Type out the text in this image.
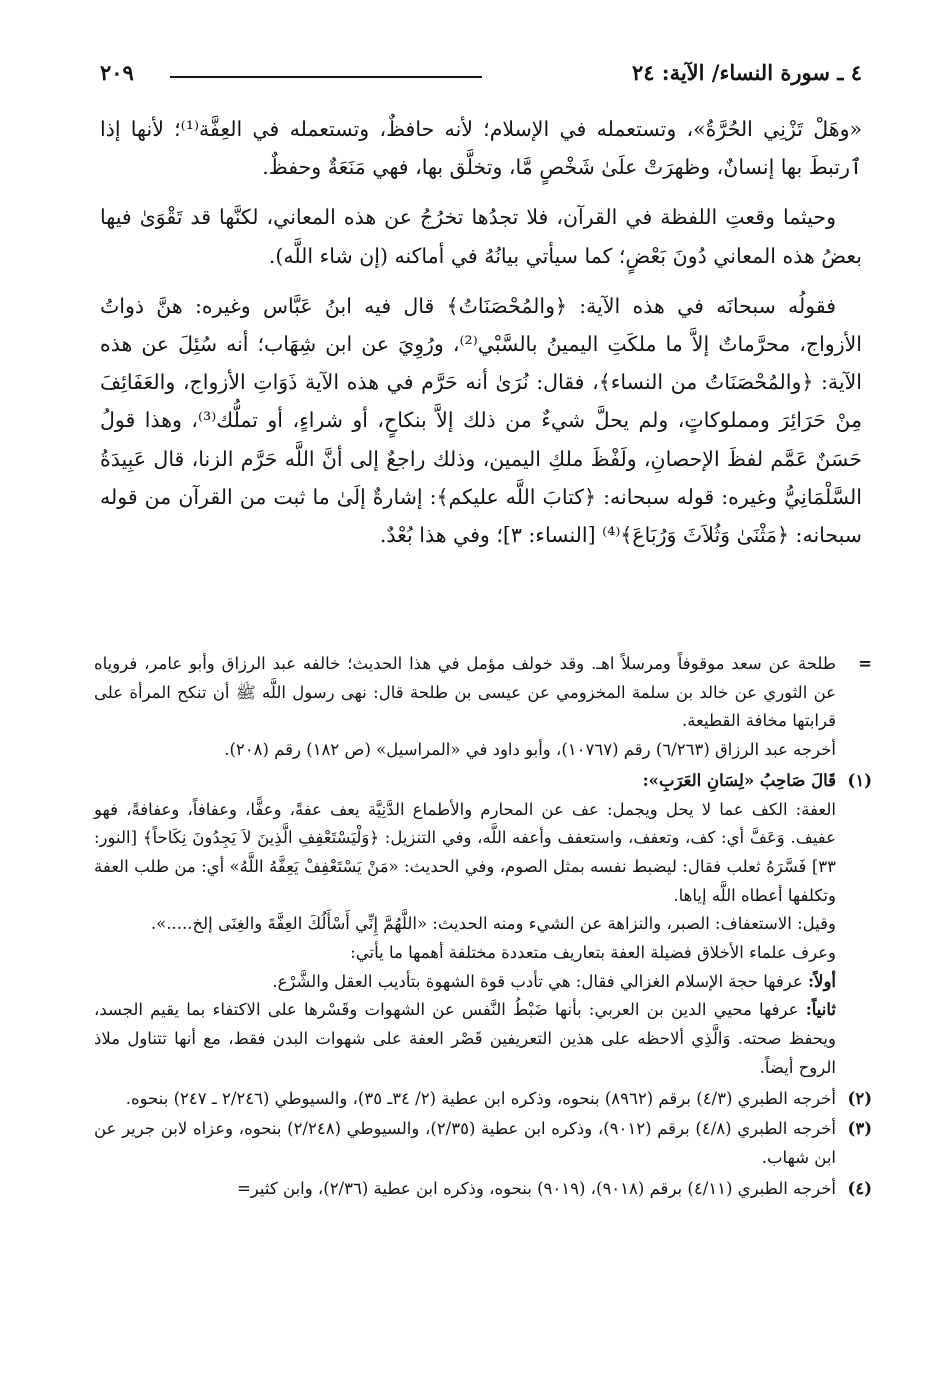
٤ ـ سورة النساء/ الآية: ٢٤
٢٠٩

«وهَلْ تَزْنِي الحُرَّةُ»، وتستعمله في الإسلام؛ لأنه حافظٌ، وتستعمله في العِفَّة⁽¹⁾؛ لأنها إذا ٱرتبطَ بها إنسانٌ، وظهرَتْ علَىٰ شَخْصٍ مَّا، وتخلَّق بها، فهي مَنَعَةٌ وحفظٌ.

وحيثما وقعتِ اللفظة في القرآن، فلا تجدُها تخرُجُ عن هذه المعاني، لكنَّها قد تَقْوَىٰ فيها بعضُ هذه المعاني دُونَ بَعْضٍ؛ كما سيأتي بيانُهُ في أماكنه (إن شاء اللَّه).

فقولُه سبحانَه في هذه الآية: ﴿والمُحْصَنَاتُ﴾ قال فيه ابنُ عَبَّاس وغيره: هنَّ ذواتُ الأزواج، محرَّماتٌ إلاَّ ما ملكَتِ اليمينُ بالسَّبْي⁽²⁾، ورُوِيَ عن ابن شِهَاب؛ أنه سُئِلَ عن هذه الآية: ﴿والمُحْصَنَاتُ من النساء﴾، فقال: نُرَىٰ أنه حَرَّم في هذه الآية ذَوَاتِ الأزواج، والعَفَائِفَ مِنْ حَرَائِرَ ومملوكاتٍ، ولم يحلَّ شيءٌ من ذلك إلاَّ بنكاحٍ، أو شراءٍ، أو تملُّك⁽³⁾، وهذا قولُ حَسَنٌ عَمَّم لفظَ الإحصانِ، ولَفْظَ ملكِ اليمين، وذلك راجعٌ إلى أنَّ اللَّه حَرَّم الزنا، قال عَبِيدَةُ السَّلْمَانِيُّ وغيره: قوله سبحانه: ﴿كتابَ اللَّه عليكم﴾: إشارةٌ إلَىٰ ما ثبت من القرآن من قوله سبحانه: ﴿مَثْنَىٰ وَثُلاَثَ وَرُبَاعَ﴾⁽⁴⁾ [النساء: ٣]؛ وفي هذا بُعْدٌ.

=

طلحة عن سعد موقوفاً ومرسلاً اهـ. وقد خولف مؤمل في هذا الحديث؛ خالفه عبد الرزاق وأبو عامر، فروياه عن الثوري عن خالد بن سلمة المخزومي عن عيسى بن طلحة قال: نهى رسول اللَّه ﷺ أن تنكح المرأة على قرابتها مخافة القطيعة.

أخرجه عبد الرزاق (٦/٢٦٣) رقم (١٠٧٦٧)، وأبو داود في «المراسيل» (ص ١٨٢) رقم (٢٠٨).

(١)

قَالَ صَاحِبُ «لِسَانِ العَرَبِ»:

العفة: الكف عما لا يحل ويجمل: عف عن المحارم والأطماع الدَّنِيَّة يعف عفةً، وعفًّا، وعفافاً، وعفافةً، فهو عفيف. وَعَفَّ أي: كف، وتعفف، واستعفف وأعفه اللَّه، وفي التنزيل: ﴿وَلْيَسْتَعْفِفِ الَّذِينَ لاَ يَجِدُونَ نِكَاحاً﴾ [النور: ٣٣] فَسَّرَهُ ثعلب فقال: ليضبط نفسه بمثل الصوم، وفي الحديث: «مَنْ يَسْتَعْفِفْ يَعِفَّهُ اللَّهُ» أي: من طلب العفة وتكلفها أعطاه اللَّه إياها.

وقيل: الاستعفاف: الصبر، والنزاهة عن الشيء ومنه الحديث: «اللَّهُمَّ إِنِّي أَسْأَلُكَ العِفَّةَ والغِنَى إلخ.....».

وعرف علماء الأخلاق فضيلة العفة بتعاريف متعددة مختلفة أهمها ما يأتي:

أولاً: عرفها حجة الإسلام الغزالي فقال: هي تأدب قوة الشهوة بتأديب العقل والشَّرْع.

ثانياً: عرفها محيي الدين بن العربي: بأنها ضَبْطُ النَّفس عن الشهوات وقَسْرها على الاكتفاء بما يقيم الجسد، ويحفظ صحته. وَالَّذِي ألاحظه على هذين التعريفين قَصْر العفة على شهوات البدن فقط، مع أنها تتناول ملاذ الروح أيضاً.

(٢)

أخرجه الطبري (٤/٣) برقم (٨٩٦٢) بنحوه، وذكره ابن عطية (٢/ ٣٤ـ ٣٥)، والسيوطي (٢/٢٤٦ ـ ٢٤٧) بنحوه.

(٣)

أخرجه الطبري (٤/٨) برقم (٩٠١٢)، وذكره ابن عطية (٢/٣٥)، والسيوطي (٢/٢٤٨) بنحوه، وعزاه لابن جرير عن ابن شهاب.

(٤)

أخرجه الطبري (٤/١١) برقم (٩٠١٨)، (٩٠١٩) بنحوه، وذكره ابن عطية (٢/٣٦)، وابن كثير=
